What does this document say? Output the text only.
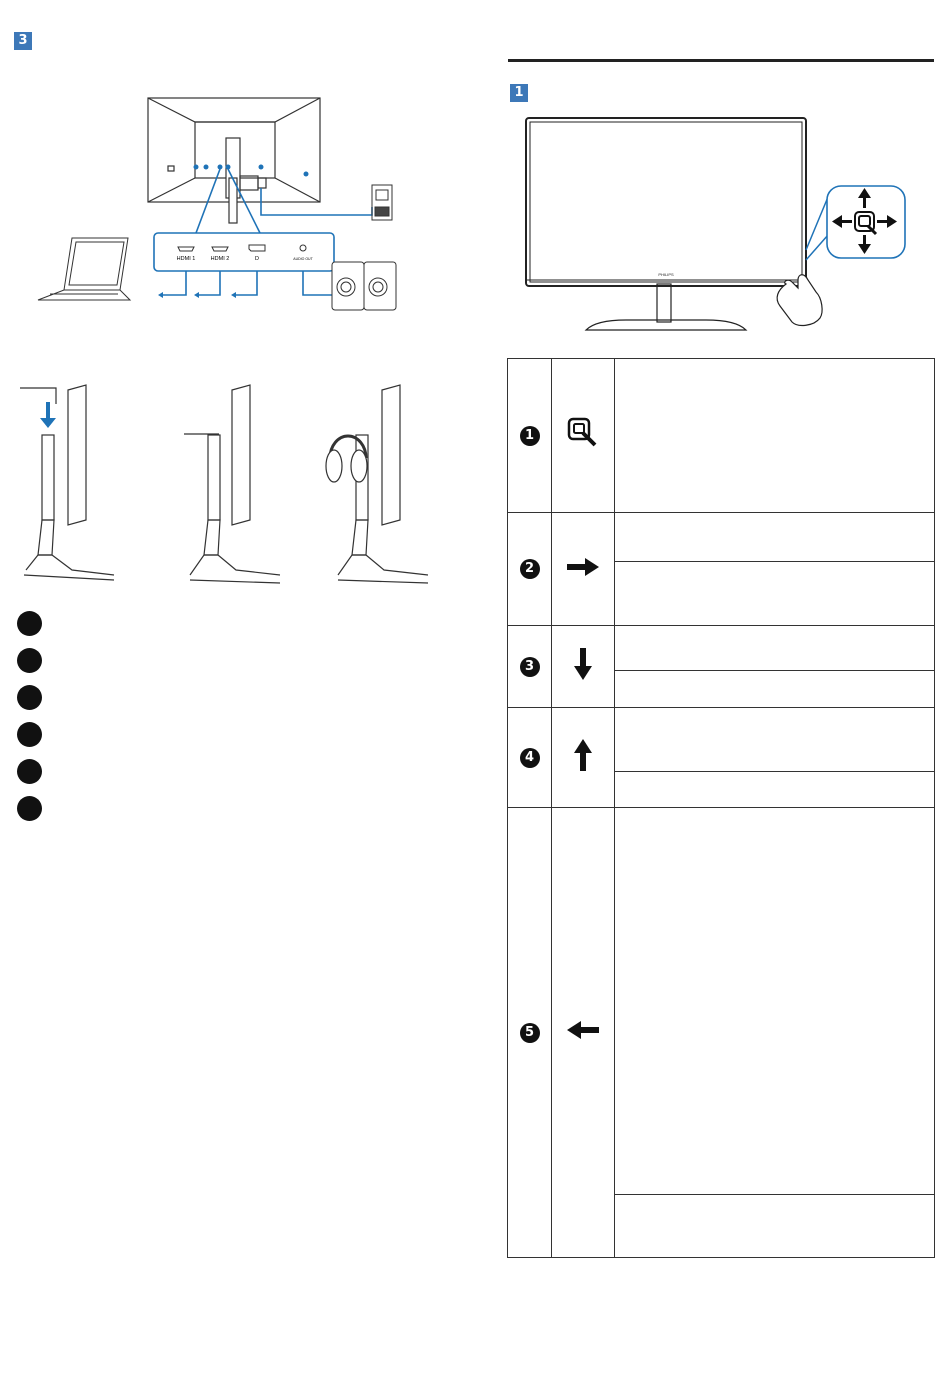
3
HDMI 1	HDMI 2	D	AUDIO OUT
1
PHILIPS
1		
2		

3		

4		

5		
